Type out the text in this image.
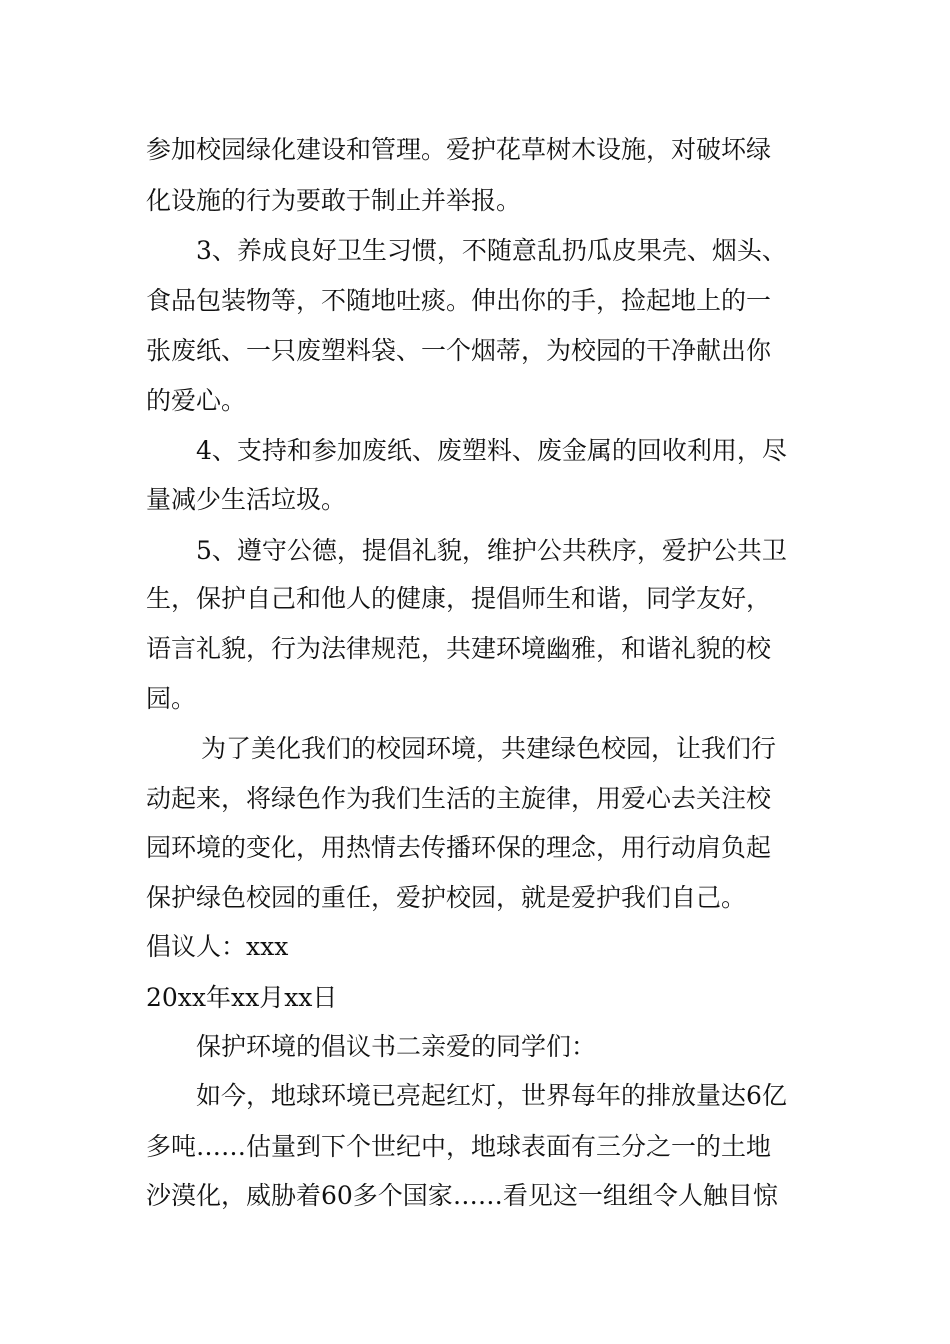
参加校园绿化建设和管理。爱护花草树木设施，对破坏绿
化设施的行为要敢于制止并举报。
3、养成良好卫生习惯，不随意乱扔瓜皮果壳、烟头、
食品包装物等，不随地吐痰。伸出你的手，捡起地上的一
张废纸、一只废塑料袋、一个烟蒂，为校园的干净献出你
的爱心。
4、支持和参加废纸、废塑料、废金属的回收利用，尽
量减少生活垃圾。
5、遵守公德，提倡礼貌，维护公共秩序，爱护公共卫
生，保护自己和他人的健康，提倡师生和谐，同学友好，
语言礼貌，行为法律规范，共建环境幽雅，和谐礼貌的校
园。
为了美化我们的校园环境，共建绿色校园，让我们行
动起来，将绿色作为我们生活的主旋律，用爱心去关注校
园环境的变化，用热情去传播环保的理念，用行动肩负起
保护绿色校园的重任，爱护校园，就是爱护我们自己。
倡议人：xxx
20xx年xx月xx日
保护环境的倡议书二亲爱的同学们：
如今，地球环境已亮起红灯，世界每年的排放量达6亿
多吨……估量到下个世纪中，地球表面有三分之一的土地
沙漠化，威胁着60多个国家……看见这一组组令人触目惊
